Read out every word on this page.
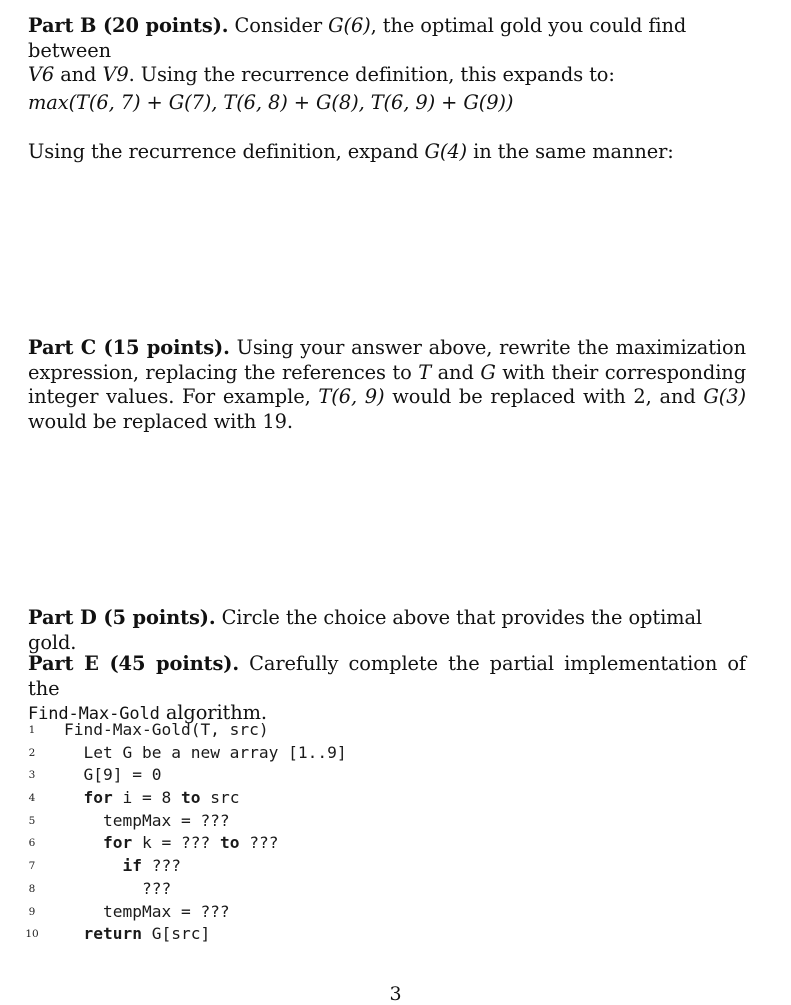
Part B (20 points). Consider G(6), the optimal gold you could find between
V6 and V9. Using the recurrence definition, this expands to:
max(T(6, 7) + G(7), T(6, 8) + G(8), T(6, 9) + G(9))
Using the recurrence definition, expand G(4) in the same manner:
Part C (15 points). Using your answer above, rewrite the maximization expression, replacing the references to T and G with their corresponding integer values. For example, T(6, 9) would be replaced with 2, and G(3) would be replaced with 19.
Part D (5 points). Circle the choice above that provides the optimal gold.
Part E (45 points). Carefully complete the partial implementation of the
Find-Max-Gold algorithm.
1	Find-Max-Gold(T, src)
2	Let G be a new array [1..9]
3	G[9] = 0
4	for i = 8 to src
5	tempMax = ???
6	for k = ??? to ???
7	if ???
8	???
9	tempMax = ???
10	return G[src]
3
